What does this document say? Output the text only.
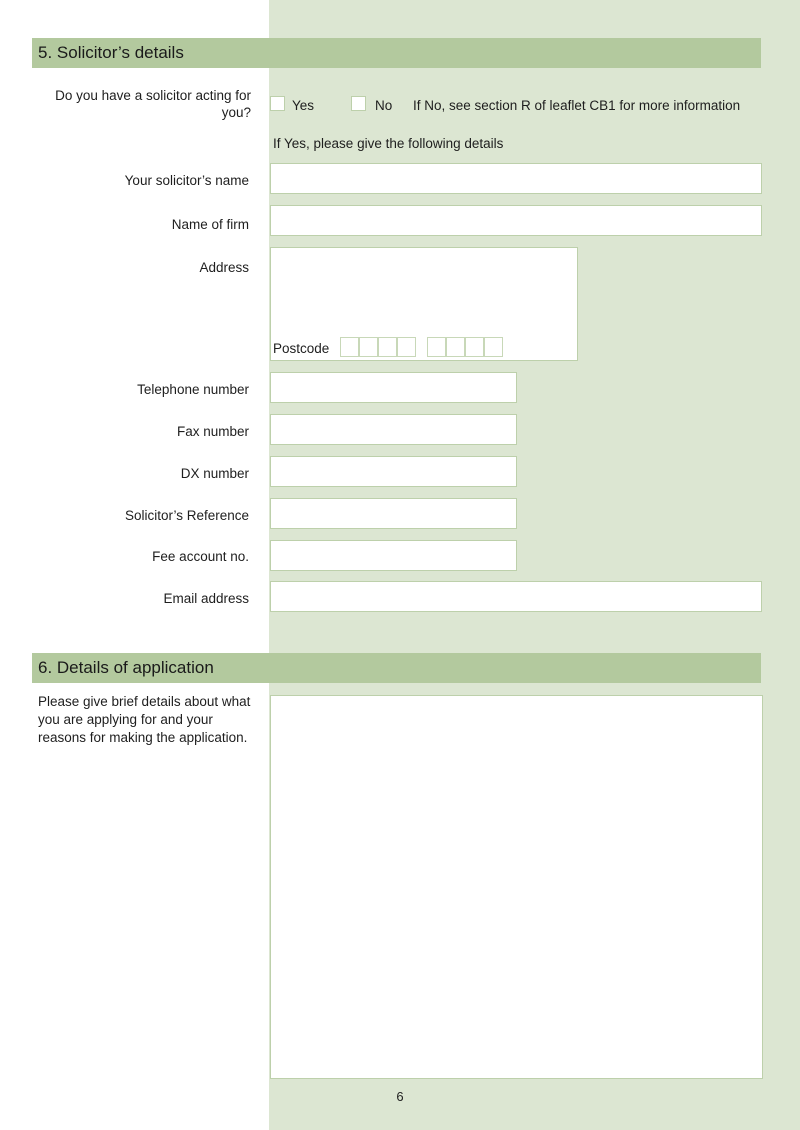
5. Solicitor’s details
Do you have a solicitor acting for you?	Yes	No If No, see section R of leaflet CB1 for more information
If Yes, please give the following details
Your solicitor’s name
Name of firm
Address
Postcode
Telephone number
Fax number
DX number
Solicitor’s Reference
Fee account no.
Email address
6. Details of application
Please give brief details about what you are applying for and your reasons for making the application.
6
